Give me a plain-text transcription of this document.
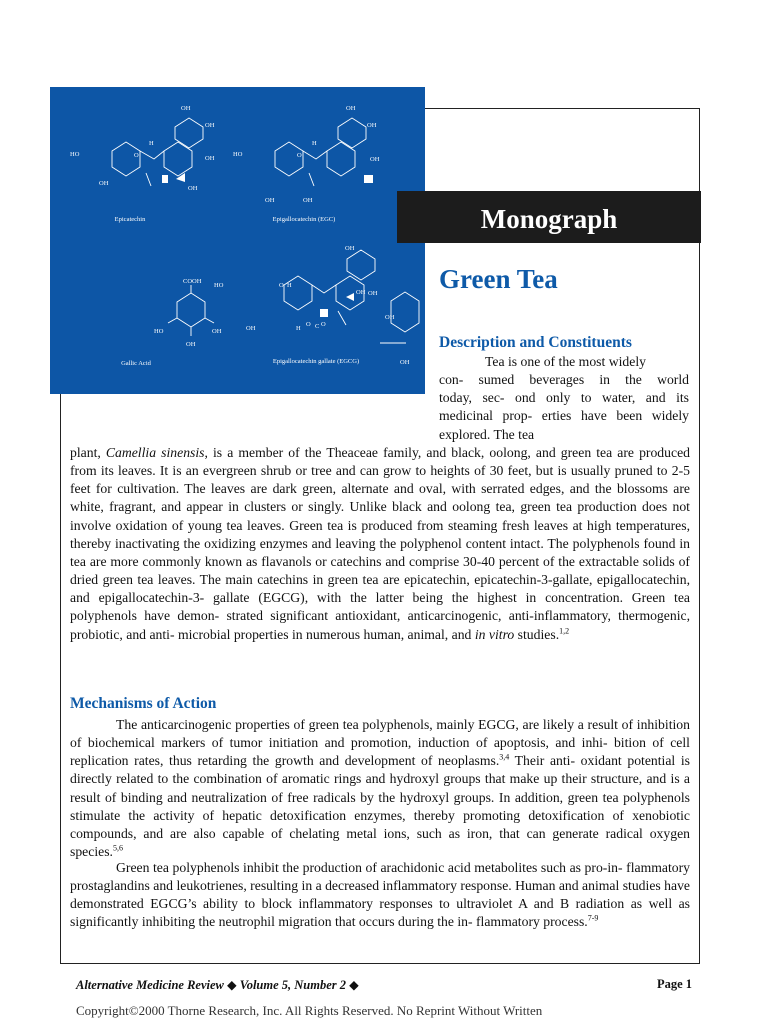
OH
OH
HO
H
O
OH
OH
OH
OH
OH
OH
HO
H
O
OH	OH
COOH
HO	OH
OH
OH
HO	H
O
OH	H
O C O
OH OH
OH
OH
Epicatechin	Epigallocatechin (EGC)
Gallic Acid	Epigallocatechin gallate (EGCG)
Monograph
Green Tea
Description and Constituents
Tea is one of the most widely
con- sumed beverages in the world
today, sec- ond only to water, and its
medicinal prop- erties have been widely
explored. The tea

plant, Camellia sinensis, is a member of the Theaceae family, and black, oolong, and green tea are produced from its leaves. It is an evergreen shrub or tree and can grow to heights of 30 feet, but is usually pruned to 2-5 feet for cultivation. The leaves are dark green, alternate and oval, with serrated edges, and the blossoms are white, fragrant, and appear in clusters or singly. Unlike black and oolong tea, green tea production does not involve oxidation of young tea leaves. Green tea is produced from steaming fresh leaves at high temperatures, thereby inactivating the oxidizing enzymes and leaving the polyphenol content intact. The polyphenols found in tea are more commonly known as flavanols or catechins and comprise 30-40 percent of the extractable solids of dried green tea leaves. The main catechins in green tea are epicatechin, epicatechin-3-gallate, epigallocatechin, and epigallocatechin-3- gallate (EGCG), with the latter being the highest in concentration. Green tea polyphenols have demon- strated significant antioxidant, anticarcinogenic, anti-inflammatory, thermogenic, probiotic, and anti- microbial properties in numerous human, animal, and in vitro studies.$^{1,2}$

Mechanisms of Action

The anticarcinogenic properties of green tea polyphenols, mainly EGCG, are likely a result of inhibition of biochemical markers of tumor initiation and promotion, induction of apoptosis, and inhi- bition of cell replication rates, thus retarding the growth and development of neoplasms.$^{3,4}$ Their anti- oxidant potential is directly related to the combination of aromatic rings and hydroxyl groups that make up their structure, and is a result of binding and neutralization of free radicals by the hydroxyl groups. In addition, green tea polyphenols stimulate the activity of hepatic detoxification enzymes, thereby promoting detoxification of xenobiotic compounds, and are also capable of chelating metal ions, such as iron, that can generate radical oxygen species.$^{5,6}$

Green tea polyphenols inhibit the production of arachidonic acid metabolites such as pro-in- flammatory prostaglandins and leukotrienes, resulting in a decreased inflammatory response. Human and animal studies have demonstrated EGCG’s ability to block inflammatory responses to ultraviolet A and B radiation as well as significantly inhibiting the neutrophil migration that occurs during the in- flammatory process.$^{7-9}$

Alternative Medicine Review ◆ Volume 5, Number 2 ◆	Page 1
Copyright©2000 Thorne Research, Inc. All Rights Reserved. No Reprint Without Written
